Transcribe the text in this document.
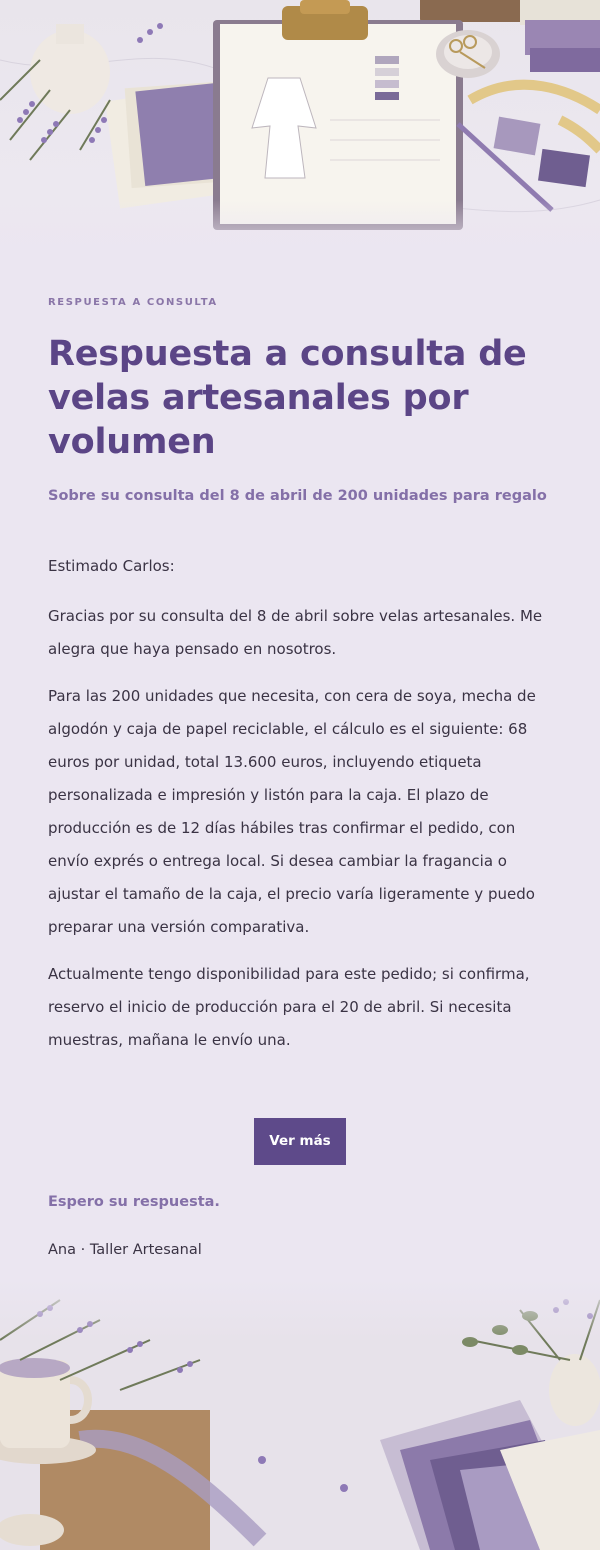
RESPUESTA A CONSULTA

Respuesta a consulta de velas artesanales por volumen

Sobre su consulta del 8 de abril de 200 unidades para regalo

Estimado Carlos:

Gracias por su consulta del 8 de abril sobre velas artesanales. Me alegra que haya pensado en nosotros.

Para las 200 unidades que necesita, con cera de soya, mecha de algodón y caja de papel reciclable, el cálculo es el siguiente: 68 euros por unidad, total 13.600 euros, incluyendo etiqueta personalizada e impresión y listón para la caja. El plazo de producción es de 12 días hábiles tras confirmar el pedido, con envío exprés o entrega local. Si desea cambiar la fragancia o ajustar el tamaño de la caja, el precio varía ligeramente y puedo preparar una versión comparativa.

Actualmente tengo disponibilidad para este pedido; si confirma, reservo el inicio de producción para el 20 de abril. Si necesita muestras, mañana le envío una.

Ver más

Espero su respuesta.

Ana · Taller Artesanal
